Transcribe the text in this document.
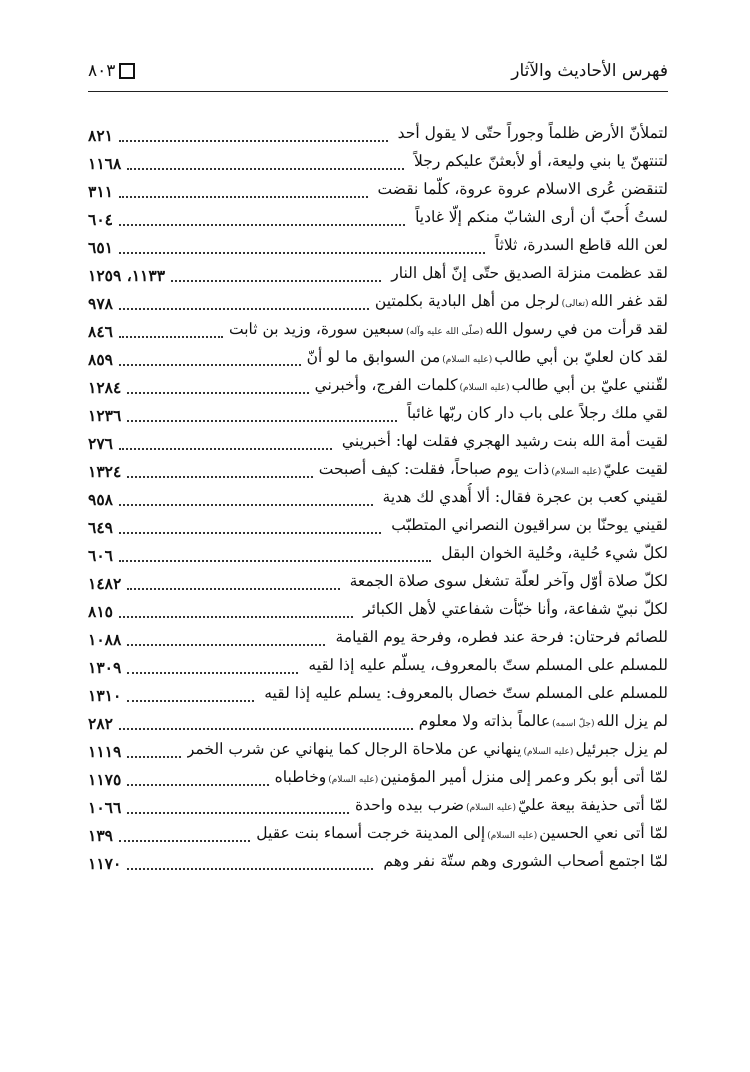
فهرس الأحاديث والآثار
٨٠٣
لتملأنّ الأرض ظلماً وجوراً حتّى لا يقول أحد
٨٢١
لتنتهنّ يا بني وليعة، أو لأبعثنّ عليكم رجلاً
١١٦٨
لتنقضن عُرى الاسلام عروة عروة، كلّما نقضت
٣١١
لستُ أُحبّ أن أرى الشابّ منكم إلّا غادياً
٦٠٤
لعن الله قاطع السدرة، ثلاثاً
٦٥١
لقد عظمت منزلة الصديق حتّى إنّ أهل النار
١١٣٣، ١٢٥٩
لقد غفر الله(تعالى)لرجل من أهل البادية بكلمتين
٩٧٨
لقد قرأت من في رسول الله(صلّى الله عليه وآله)سبعين سورة، وزيد بن ثابت
٨٤٦
لقد كان لعليّ بن أبي طالب(عليه السلام)من السوابق ما لو أنّ
٨٥٩
لقّنني عليّ بن أبي طالب(عليه السلام)كلمات الفرج، وأخبرني
١٢٨٤
لقي ملك رجلاً على باب دار كان ربّها غائباً
١٢٣٦
لقيت أمة الله بنت رشيد الهجري فقلت لها: أخبريني
٢٧٦
لقيت عليّ(عليه السلام)ذات يوم صباحاً، فقلت: كيف أصبحت
١٣٢٤
لقيني كعب بن عجرة فقال: ألا أُهدي لك هدية
٩٥٨
لقيني يوحنّا بن سراقيون النصراني المتطبّب
٦٤٩
لكلّ شيء حُلية، وحُلية الخوان البقل
٦٠٦
لكلّ صلاة أوّل وآخر لعلّة تشغل سوى صلاة الجمعة
١٤٨٢
لكلّ نبيّ شفاعة، وأنا خبّأت شفاعتي لأهل الكبائر
٨١٥
للصائم فرحتان: فرحة عند فطره، وفرحة يوم القيامة
١٠٨٨
للمسلم على المسلم ستّ بالمعروف، يسلّم عليه إذا لقيه
١٣٠٩
للمسلم على المسلم ستّ خصال بالمعروف: يسلم عليه إذا لقيه
١٣١٠
لم يزل الله(جلّ اسمه)عالماً بذاته ولا معلوم
٢٨٢
لم يزل جبرئيل(عليه السلام)ينهاني عن ملاحاة الرجال كما ينهاني عن شرب الخمر
١١١٩
لمّا أتى أبو بكر وعمر إلى منزل أمير المؤمنين(عليه السلام)وخاطباه
١١٧٥
لمّا أتى حذيفة بيعة عليّ(عليه السلام)ضرب بيده واحدة
١٠٦٦
لمّا أتى نعي الحسين(عليه السلام)إلى المدينة خرجت أسماء بنت عقيل
١٣٩
لمّا اجتمع أصحاب الشورى وهم ستّة نفر وهم
١١٧٠
